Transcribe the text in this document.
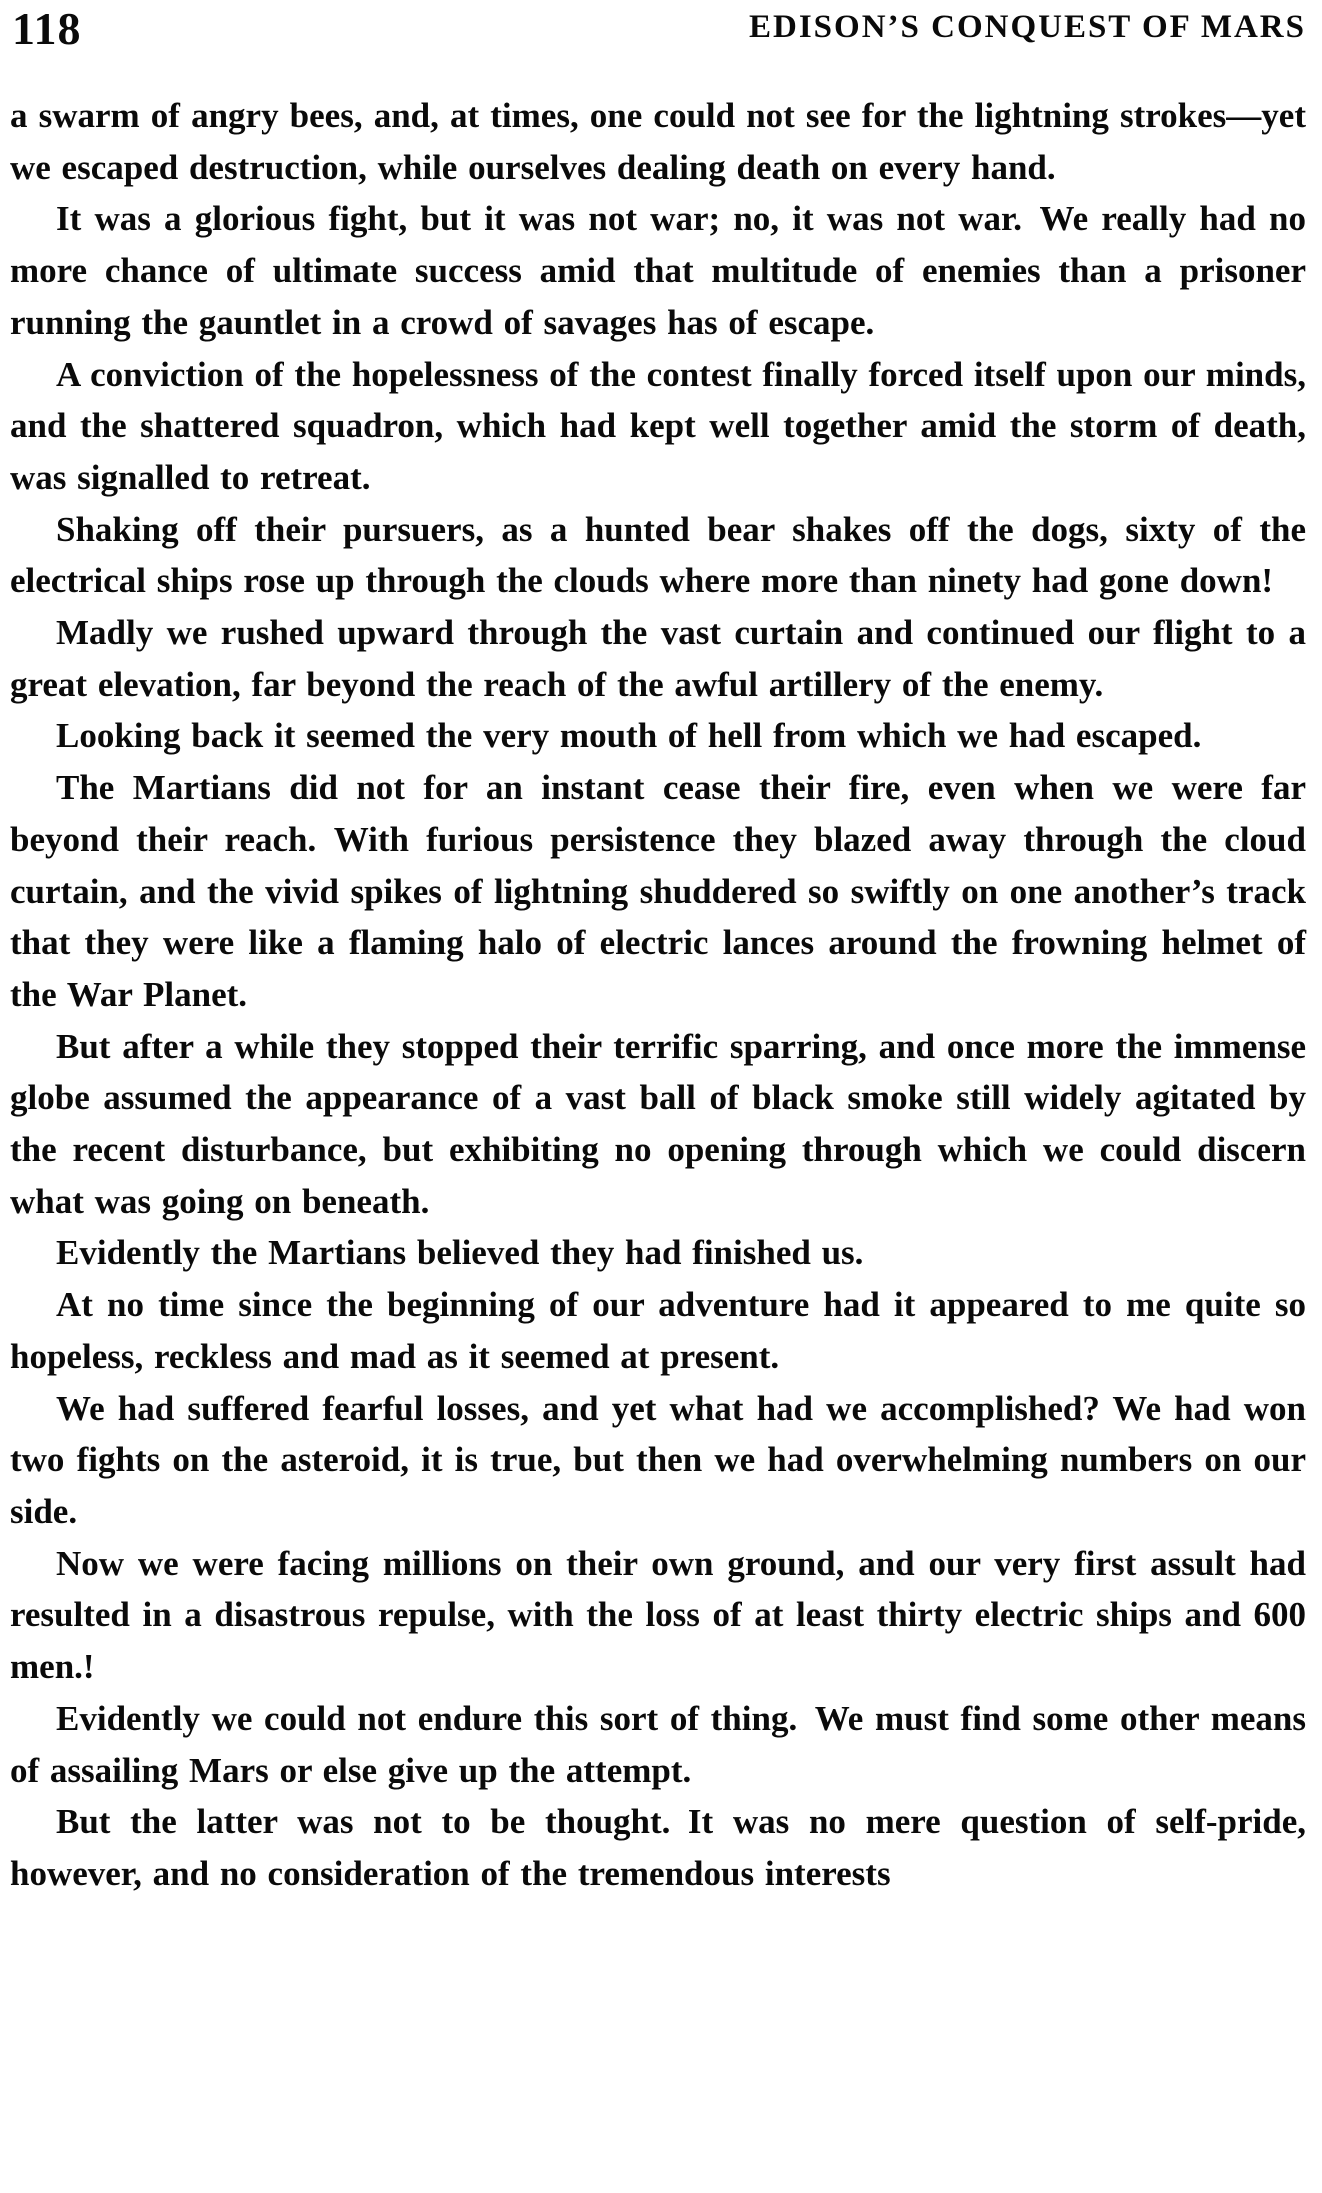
118	EDISON’S CONQUEST OF MARS

a swarm of angry bees, and, at times, one could not see for the lightning strokes—yet we escaped destruction, while ourselves dealing death on every hand.

It was a glorious fight, but it was not war; no, it was not war. We really had no more chance of ultimate success amid that multitude of enemies than a prisoner running the gauntlet in a crowd of savages has of escape.

A conviction of the hopelessness of the contest finally forced itself upon our minds, and the shattered squadron, which had kept well together amid the storm of death, was signalled to retreat.

Shaking off their pursuers, as a hunted bear shakes off the dogs, sixty of the electrical ships rose up through the clouds where more than ninety had gone down!

Madly we rushed upward through the vast curtain and continued our flight to a great elevation, far beyond the reach of the awful artillery of the enemy.

Looking back it seemed the very mouth of hell from which we had escaped.

The Martians did not for an instant cease their fire, even when we were far beyond their reach. With furious persistence they blazed away through the cloud curtain, and the vivid spikes of lightning shuddered so swiftly on one another’s track that they were like a flaming halo of electric lances around the frowning helmet of the War Planet.

But after a while they stopped their terrific sparring, and once more the immense globe assumed the appearance of a vast ball of black smoke still widely agitated by the recent disturbance, but exhibiting no opening through which we could discern what was going on beneath.

Evidently the Martians believed they had finished us.

At no time since the beginning of our adventure had it appeared to me quite so hopeless, reckless and mad as it seemed at present.

We had suffered fearful losses, and yet what had we accomplished? We had won two fights on the asteroid, it is true, but then we had overwhelming numbers on our side.

Now we were facing millions on their own ground, and our very first assult had resulted in a disastrous repulse, with the loss of at least thirty electric ships and 600 men.!

Evidently we could not endure this sort of thing. We must find some other means of assailing Mars or else give up the attempt.

But the latter was not to be thought. It was no mere question of self-pride, however, and no consideration of the tremendous interests
